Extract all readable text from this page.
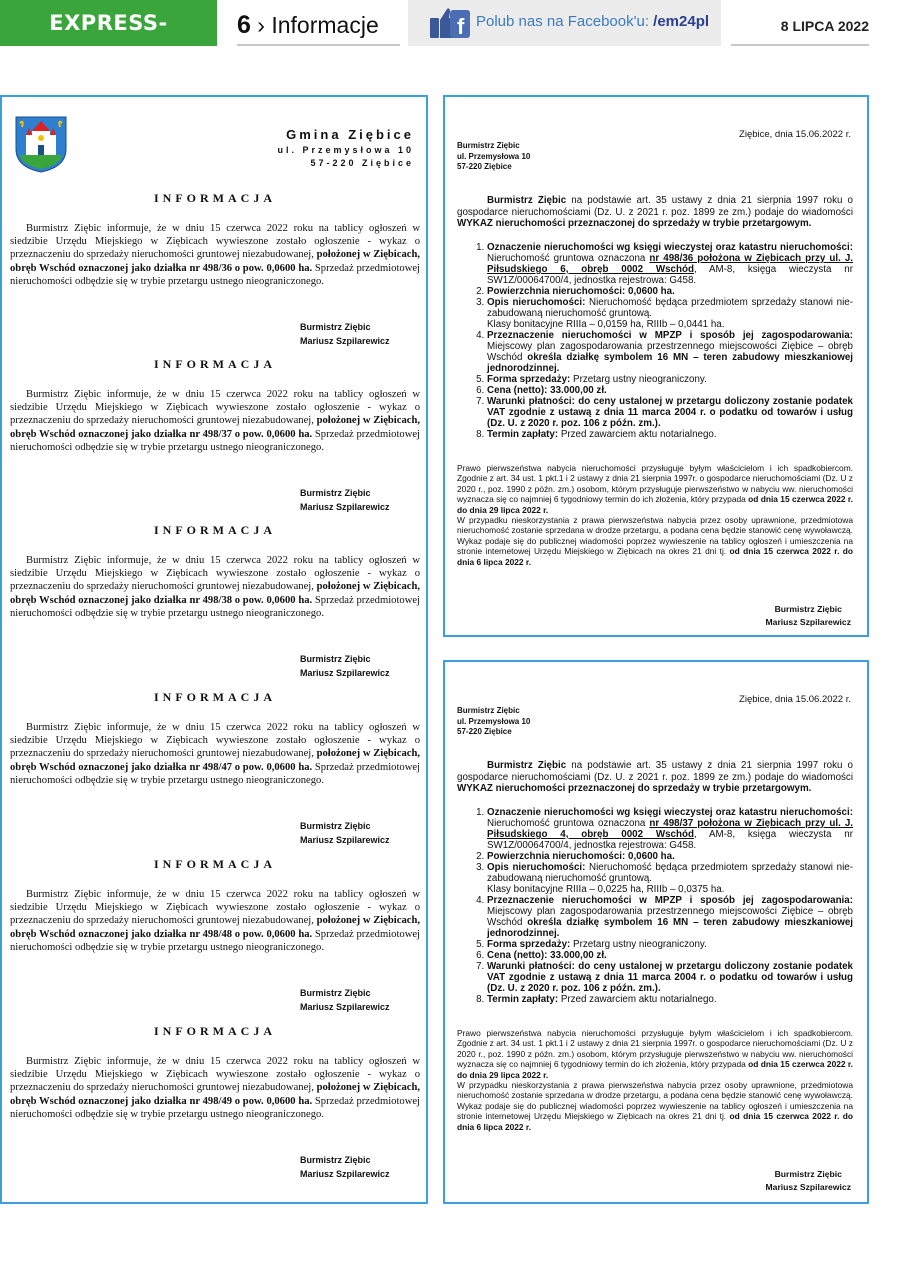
EXPRESS-MIEJSKI.PL
6 › Informacje	f Polub nas na Facebook'u: /em24pl	8 LIPCA 2022
Gmina Ziębice
ul. Przemysłowa 10
57-220 Ziębice
INFORMACJA
Burmistrz Ziębic informuje, że w dniu 15 czerwca 2022 roku na tablicy ogłoszeń w siedzibie Urzędu Miejskiego w Ziębicach wywieszone zostało ogłoszenie - wykaz o przeznaczeniu do sprzedaży nieruchomości gruntowej niezabudowanej, położonej w Ziębicach, obręb Wschód oznaczonej jako działka nr 498/36 o pow. 0,0600 ha. Sprzedaż przedmiotowej nieruchomości odbędzie się w trybie przetargu ustnego nieograniczonego.
Burmistrz Ziębic
Mariusz Szpilarewicz
INFORMACJA
Burmistrz Ziębic informuje, że w dniu 15 czerwca 2022 roku na tablicy ogłoszeń w siedzibie Urzędu Miejskiego w Ziębicach wywieszone zostało ogłoszenie - wykaz o przeznaczeniu do sprzedaży nieruchomości gruntowej niezabudowanej, położonej w Ziębicach, obręb Wschód oznaczonej jako działka nr 498/37 o pow. 0,0600 ha. Sprzedaż przedmiotowej nieruchomości odbędzie się w trybie przetargu ustnego nieograniczonego.
Burmistrz Ziębic
Mariusz Szpilarewicz
INFORMACJA
Burmistrz Ziębic informuje, że w dniu 15 czerwca 2022 roku na tablicy ogłoszeń w siedzibie Urzędu Miejskiego w Ziębicach wywieszone zostało ogłoszenie - wykaz o przeznaczeniu do sprzedaży nieruchomości gruntowej niezabudowanej, położonej w Ziębicach, obręb Wschód oznaczonej jako działka nr 498/38 o pow. 0,0600 ha. Sprzedaż przedmiotowej nieruchomości odbędzie się w trybie przetargu ustnego nieograniczonego.
Burmistrz Ziębic
Mariusz Szpilarewicz
INFORMACJA
Burmistrz Ziębic informuje, że w dniu 15 czerwca 2022 roku na tablicy ogłoszeń w siedzibie Urzędu Miejskiego w Ziębicach wywieszone zostało ogłoszenie - wykaz o przeznaczeniu do sprzedaży nieruchomości gruntowej niezabudowanej, położonej w Ziębicach, obręb Wschód oznaczonej jako działka nr 498/47 o pow. 0,0600 ha. Sprzedaż przedmiotowej nieruchomości odbędzie się w trybie przetargu ustnego nieograniczonego.
Burmistrz Ziębic
Mariusz Szpilarewicz
INFORMACJA
Burmistrz Ziębic informuje, że w dniu 15 czerwca 2022 roku na tablicy ogłoszeń w siedzibie Urzędu Miejskiego w Ziębicach wywieszone zostało ogłoszenie - wykaz o przeznaczeniu do sprzedaży nieruchomości gruntowej niezabudowanej, położonej w Ziębicach, obręb Wschód oznaczonej jako działka nr 498/48 o pow. 0,0600 ha. Sprzedaż przedmiotowej nieruchomości odbędzie się w trybie przetargu ustnego nieograniczonego.
Burmistrz Ziębic
Mariusz Szpilarewicz
INFORMACJA
Burmistrz Ziębic informuje, że w dniu 15 czerwca 2022 roku na tablicy ogłoszeń w siedzibie Urzędu Miejskiego w Ziębicach wywieszone zostało ogłoszenie - wykaz o przeznaczeniu do sprzedaży nieruchomości gruntowej niezabudowanej, położonej w Ziębicach, obręb Wschód oznaczonej jako działka nr 498/49 o pow. 0,0600 ha. Sprzedaż przedmiotowej nieruchomości odbędzie się w trybie przetargu ustnego nieograniczonego.
Burmistrz Ziębic
Mariusz Szpilarewicz
Ziębice, dnia 15.06.2022 r.
Burmistrz Ziębic
ul. Przemysłowa 10
57-220 Ziębice
Burmistrz Ziębic na podstawie art. 35 ustawy z dnia 21 sierpnia 1997 roku o gospodarce nieruchomościami (Dz. U. z 2021 r. poz. 1899 ze zm.) podaje do wiadomości WYKAZ nieruchomości przeznaczonej do sprzedaży w trybie przetargowym.
1. Oznaczenie nieruchomości wg księgi wieczystej oraz katastru nieruchomości: Nieruchomość gruntowa oznaczona nr 498/36 położona w Ziębicach przy ul. J. Piłsudskiego 6, obręb 0002 Wschód, AM-8, księga wieczysta nr SW1Z/00064700/4, jednostka rejestrowa: G458.
2. Powierzchnia nieruchomości: 0,0600 ha.
3. Opis nieruchomości: Nieruchomość będąca przedmiotem sprzedaży stanowi nie-zabudowaną nieruchomość gruntową.
Klasy bonitacyjne RIIIa – 0,0159 ha, RIIIb – 0,0441 ha.
4. Przeznaczenie nieruchomości w MPZP i sposób jej zagospodarowania: Miejscowy plan zagospodarowania przestrzennego miejscowości Ziębice – obręb Wschód określa działkę symbolem 16 MN – teren zabudowy mieszkaniowej jednorodzinnej.
5. Forma sprzedaży: Przetarg ustny nieograniczony.
6. Cena (netto): 33.000,00 zł.
7. Warunki płatności: do ceny ustalonej w przetargu doliczony zostanie podatek VAT zgodnie z ustawą z dnia 11 marca 2004 r. o podatku od towarów i usług (Dz. U. z 2020 r. poz. 106 z późn. zm.).
8. Termin zapłaty: Przed zawarciem aktu notarialnego.
Prawo pierwszeństwa nabycia nieruchomości przysługuje byłym właścicielom i ich spadkobiercom. Zgodnie z art. 34 ust. 1 pkt.1 i 2 ustawy z dnia 21 sierpnia 1997r. o gospodarce nieruchomościami (Dz. U z 2020 r., poz. 1990 z późn. zm.) osobom, którym przysługuje pierwszeństwo w nabyciu ww. nieruchomości wyznacza się co najmniej 6 tygodniowy termin do ich złożenia, który przypada od dnia 15 czerwca 2022 r. do dnia 29 lipca 2022 r.
W przypadku nieskorzystania z prawa pierwszeństwa nabycia przez osoby uprawnione, przedmiotowa nieruchomość zostanie sprzedana w drodze przetargu, a podana cena będzie stanowić cenę wywoławczą. Wykaz podaje się do publicznej wiadomości poprzez wywieszenie na tablicy ogłoszeń i umieszczenia na stronie internetowej Urzędu Miejskiego w Ziębicach na okres 21 dni tj. od dnia 15 czerwca 2022 r. do dnia 6 lipca 2022 r.
Burmistrz Ziębic
Mariusz Szpilarewicz
Ziębice, dnia 15.06.2022 r.
Burmistrz Ziębic
ul. Przemysłowa 10
57-220 Ziębice
Burmistrz Ziębic na podstawie art. 35 ustawy z dnia 21 sierpnia 1997 roku o gospodarce nieruchomościami (Dz. U. z 2021 r. poz. 1899 ze zm.) podaje do wiadomości WYKAZ nieruchomości przeznaczonej do sprzedaży w trybie przetargowym.
1. Oznaczenie nieruchomości wg księgi wieczystej oraz katastru nieruchomości: Nieruchomość gruntowa oznaczona nr 498/37 położona w Ziębicach przy ul. J. Piłsudskiego 4, obręb 0002 Wschód, AM-8, księga wieczysta nr SW1Z/00064700/4, jednostka rejestrowa: G458.
2. Powierzchnia nieruchomości: 0,0600 ha.
3. Opis nieruchomości: Nieruchomość będąca przedmiotem sprzedaży stanowi nie-zabudowaną nieruchomość gruntową.
Klasy bonitacyjne RIIIa – 0,0225 ha, RIIIb – 0,0375 ha.
4. Przeznaczenie nieruchomości w MPZP i sposób jej zagospodarowania: Miejscowy plan zagospodarowania przestrzennego miejscowości Ziębice – obręb Wschód określa działkę symbolem 16 MN – teren zabudowy mieszkaniowej jednorodzinnej.
5. Forma sprzedaży: Przetarg ustny nieograniczony.
6. Cena (netto): 33.000,00 zł.
7. Warunki płatności: do ceny ustalonej w przetargu doliczony zostanie podatek VAT zgodnie z ustawą z dnia 11 marca 2004 r. o podatku od towarów i usług (Dz. U. z 2020 r. poz. 106 z późn. zm.).
8. Termin zapłaty: Przed zawarciem aktu notarialnego.
Prawo pierwszeństwa nabycia nieruchomości przysługuje byłym właścicielom i ich spadkobiercom. Zgodnie z art. 34 ust. 1 pkt.1 i 2 ustawy z dnia 21 sierpnia 1997r. o gospodarce nieruchomościami (Dz. U z 2020 r., poz. 1990 z późn. zm.) osobom, którym przysługuje pierwszeństwo w nabyciu ww. nieruchomości wyznacza się co najmniej 6 tygodniowy termin do ich złożenia, który przypada od dnia 15 czerwca 2022 r. do dnia 29 lipca 2022 r.
W przypadku nieskorzystania z prawa pierwszeństwa nabycia przez osoby uprawnione, przedmiotowa nieruchomość zostanie sprzedana w drodze przetargu, a podana cena będzie stanowić cenę wywoławczą. Wykaz podaje się do publicznej wiadomości poprzez wywieszenie na tablicy ogłoszeń i umieszczenia na stronie internetowej Urzędu Miejskiego w Ziębicach na okres 21 dni tj. od dnia 15 czerwca 2022 r. do dnia 6 lipca 2022 r.
Burmistrz Ziębic
Mariusz Szpilarewicz
